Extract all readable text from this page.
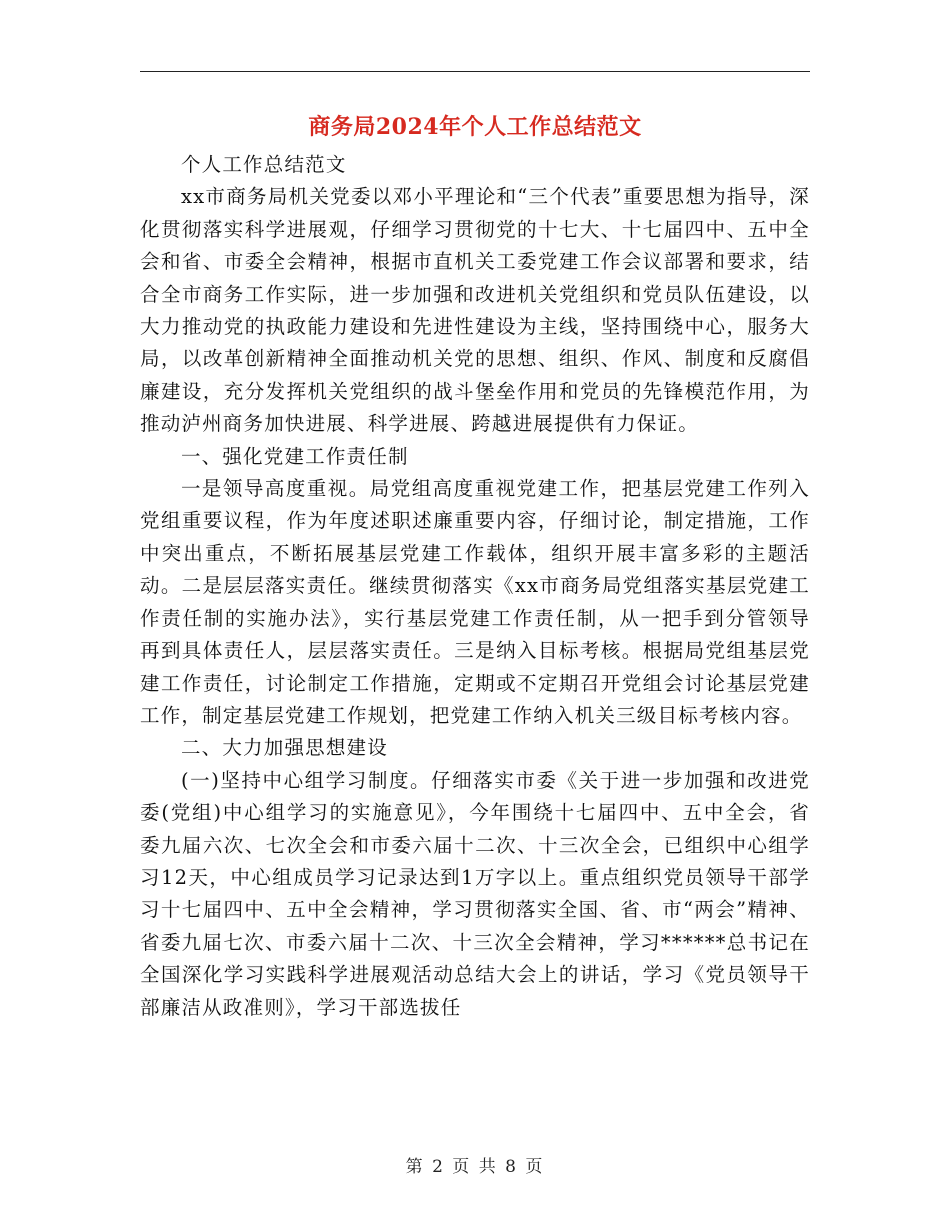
商务局2024年个人工作总结范文

个人工作总结范文

xx市商务局机关党委以邓小平理论和“三个代表”重要思想为指导，深化贯彻落实科学进展观，仔细学习贯彻党的十七大、十七届四中、五中全会和省、市委全会精神，根据市直机关工委党建工作会议部署和要求，结合全市商务工作实际，进一步加强和改进机关党组织和党员队伍建设，以大力推动党的执政能力建设和先进性建设为主线，坚持围绕中心，服务大局，以改革创新精神全面推动机关党的思想、组织、作风、制度和反腐倡廉建设，充分发挥机关党组织的战斗堡垒作用和党员的先锋模范作用，为推动泸州商务加快进展、科学进展、跨越进展提供有力保证。

一、强化党建工作责任制

一是领导高度重视。局党组高度重视党建工作，把基层党建工作列入党组重要议程，作为年度述职述廉重要内容，仔细讨论，制定措施，工作中突出重点，不断拓展基层党建工作载体，组织开展丰富多彩的主题活动。二是层层落实责任。继续贯彻落实《xx市商务局党组落实基层党建工作责任制的实施办法》，实行基层党建工作责任制，从一把手到分管领导再到具体责任人，层层落实责任。三是纳入目标考核。根据局党组基层党建工作责任，讨论制定工作措施，定期或不定期召开党组会讨论基层党建工作，制定基层党建工作规划，把党建工作纳入机关三级目标考核内容。

二、大力加强思想建设

(一)坚持中心组学习制度。仔细落实市委《关于进一步加强和改进党委(党组)中心组学习的实施意见》，今年围绕十七届四中、五中全会，省委九届六次、七次全会和市委六届十二次、十三次全会，已组织中心组学习12天，中心组成员学习记录达到1万字以上。重点组织党员领导干部学习十七届四中、五中全会精神，学习贯彻落实全国、省、市“两会”精神、省委九届七次、市委六届十二次、十三次全会精神，学习******总书记在全国深化学习实践科学进展观活动总结大会上的讲话，学习《党员领导干部廉洁从政准则》，学习干部选拔任

第 2 页 共 8 页
